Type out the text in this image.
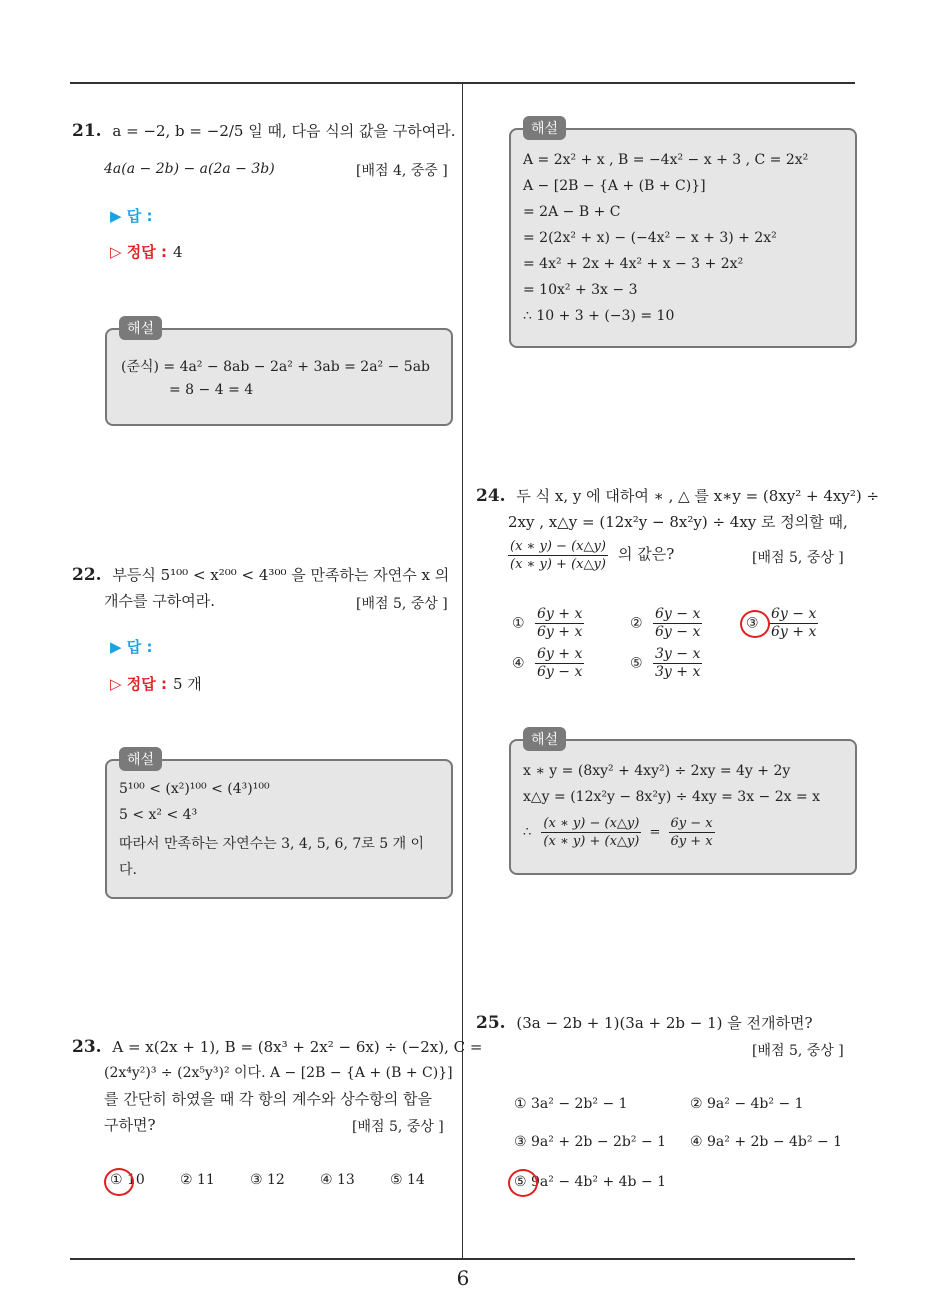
21. a = −2, b = −2/5 일 때, 다음 식의 값을 구하여라.
4a(a − 2b) − a(2a − 3b)	[배점 4, 중중 ]
▶ 답 :
▷ 정답 : 4
해설
(준식) = 4a² − 8ab − 2a² + 3ab = 2a² − 5ab
= 8 − 4 = 4
22. 부등식 5¹⁰⁰ < x²⁰⁰ < 4³⁰⁰ 을 만족하는 자연수 x 의
개수를 구하여라.	[배점 5, 중상 ]
▶ 답 :
▷ 정답 : 5 개
해설
5¹⁰⁰ < (x²)¹⁰⁰ < (4³)¹⁰⁰
5 < x² < 4³
따라서 만족하는 자연수는 3, 4, 5, 6, 7로 5 개 이
다.
23. A = x(2x + 1), B = (8x³ + 2x² − 6x) ÷ (−2x), C =
(2x⁴y²)³ ÷ (2x⁵y³)² 이다. A − [2B − {A + (B + C)}]
를 간단히 하였을 때 각 항의 계수와 상수항의 합을
구하면?	[배점 5, 중상 ]
① 10	② 11	③ 12	④ 13	⑤ 14
해설
A = 2x² + x , B = −4x² − x + 3 , C = 2x²
A − [2B − {A + (B + C)}]
= 2A − B + C
= 2(2x² + x) − (−4x² − x + 3) + 2x²
= 4x² + 2x + 4x² + x − 3 + 2x²
= 10x² + 3x − 3
∴ 10 + 3 + (−3) = 10
24. 두 식 x, y 에 대하여 ∗ , △ 를 x∗y = (8xy² + 4xy²) ÷
2xy , x△y = (12x²y − 8x²y) ÷ 4xy 로 정의할 때,
$\frac{(x ∗ y) - (x\triangle y)}{(x ∗ y) + (x\triangle y)}$ 의 값은?	[배점 5, 중상 ]
① $\frac{6y + x}{6y + x}$	② $\frac{6y - x}{6y - x}$	③ $\frac{6y - x}{6y + x}$
④ $\frac{6y + x}{6y - x}$	⑤ $\frac{3y - x}{3y + x}$
해설
x ∗ y = (8xy² + 4xy²) ÷ 2xy = 4y + 2y
x△y = (12x²y − 8x²y) ÷ 4xy = 3x − 2x = x
∴ $\frac{(x ∗ y) - (x\triangle y)}{(x ∗ y) + (x\triangle y)} = \frac{6y - x}{6y + x}$
25. (3a − 2b + 1)(3a + 2b − 1) 을 전개하면?
[배점 5, 중상 ]
① 3a² − 2b² − 1	② 9a² − 4b² − 1
③ 9a² + 2b − 2b² − 1 ④ 9a² + 2b − 4b² − 1
⑤ 9a² − 4b² + 4b − 1
6
